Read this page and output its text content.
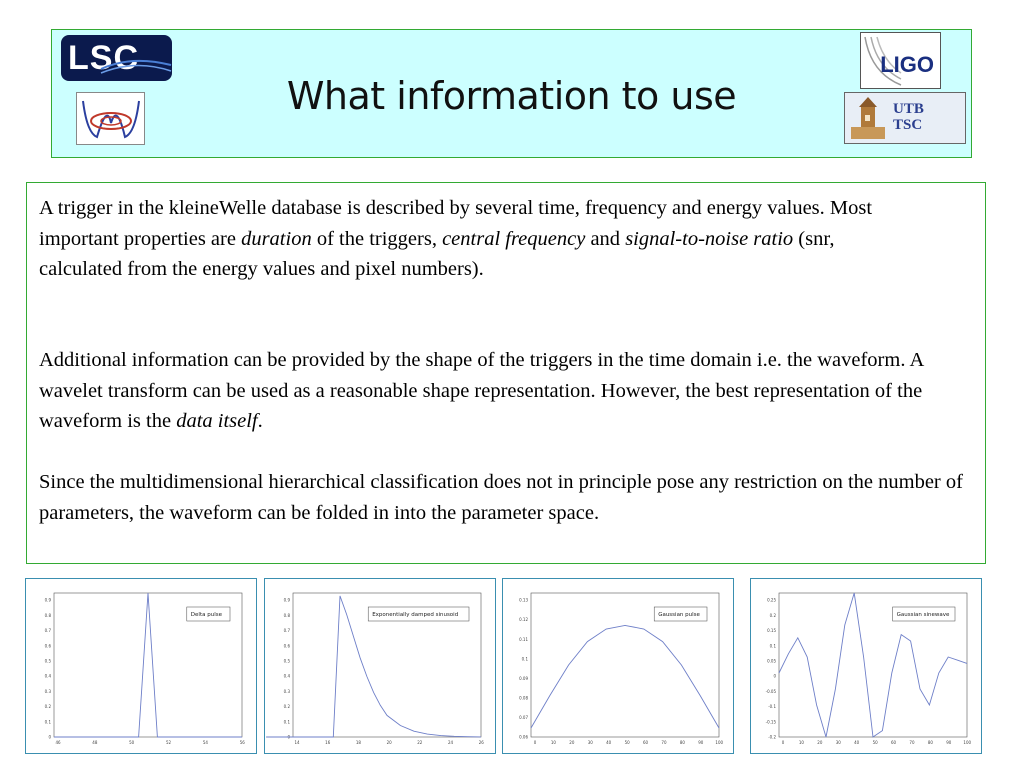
LSC
What information to use
LIGO
UTB
TSC
A trigger in the kleineWelle database is described by several time, frequency and energy values. Most important properties are duration of the triggers, central frequency and signal-to-noise ratio (snr, calculated from the energy values and pixel numbers).
Additional information can be provided by the shape of the triggers in the time domain i.e. the waveform. A wavelet transform can be used as a reasonable shape representation. However, the best representation of the waveform is the data itself.
Since the multidimensional hierarchical classification does not in principle pose any restriction on the number of parameters, the waveform can be folded in into the parameter space.
0
0.1
0.2
0.3
0.4
0.5
0.6
0.7
0.8
0.9
46	48	50	52	54	56
Delta pulse
0
0.1
0.2
0.3
0.4
0.5
0.6
0.7
0.8
0.9
14	16	18	20	22	24	26
Exponentially damped sinusoid
0.06
0.07
0.08
0.09
0.1
0.11
0.12
0.13
0	10	20	30	40	50	60	70	80	90	100
Gaussian pulse
-0.2
-0.15
-0.1
-0.05
0
0.05
0.1
0.15
0.2
0.25
0	10	20	30	40	50	60	70	80	90	100
Gaussian sinewave
